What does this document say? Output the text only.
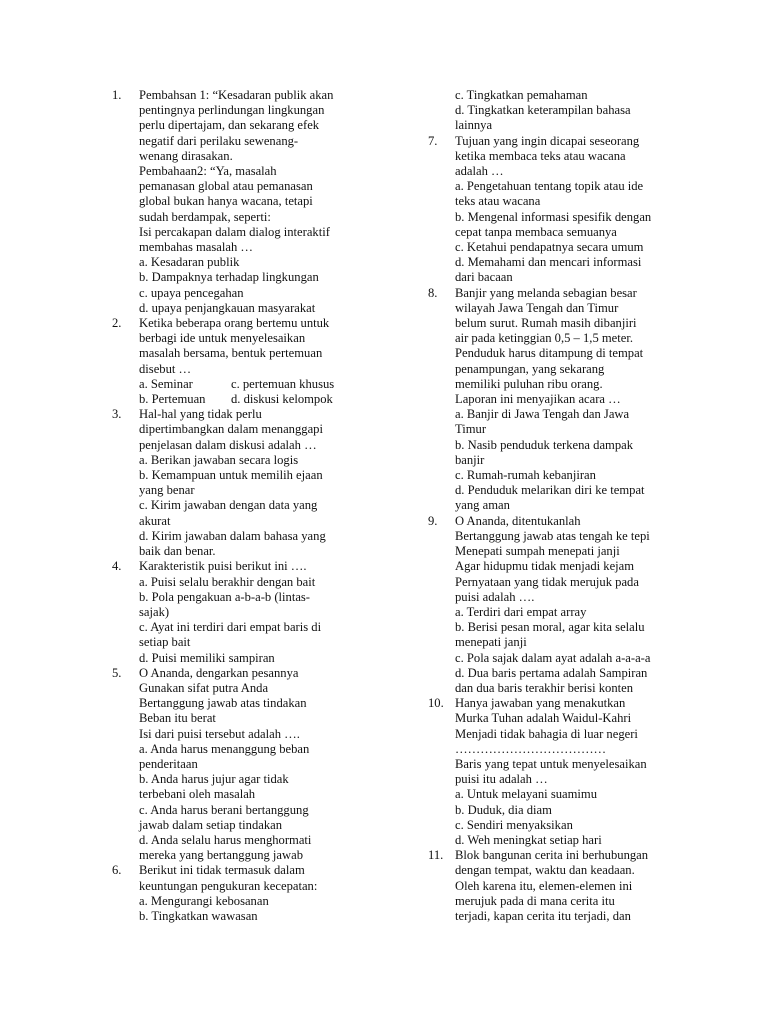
1. Pembahsan 1: “Kesadaran publik akan
pentingnya perlindungan lingkungan
perlu dipertajam, dan sekarang efek
negatif dari perilaku sewenang-
wenang dirasakan.
Pembahaan2: “Ya, masalah
pemanasan global atau pemanasan
global bukan hanya wacana, tetapi
sudah berdampak, seperti:
Isi percakapan dalam dialog interaktif
membahas masalah …
a. Kesadaran publik
b. Dampaknya terhadap lingkungan
c. upaya pencegahan
d. upaya penjangkauan masyarakat
2. Ketika beberapa orang bertemu untuk
berbagi ide untuk menyelesaikan
masalah bersama, bentuk pertemuan
disebut …
a. Seminar	c. pertemuan khusus
b. Pertemuan	d. diskusi kelompok
3. Hal-hal yang tidak perlu
dipertimbangkan dalam menanggapi
penjelasan dalam diskusi adalah …
a. Berikan jawaban secara logis
b. Kemampuan untuk memilih ejaan
yang benar
c. Kirim jawaban dengan data yang
akurat
d. Kirim jawaban dalam bahasa yang
baik dan benar.
4. Karakteristik puisi berikut ini ….
a. Puisi selalu berakhir dengan bait
b. Pola pengakuan a-b-a-b (lintas-
sajak)
c. Ayat ini terdiri dari empat baris di
setiap bait
d. Puisi memiliki sampiran
5. O Ananda, dengarkan pesannya
Gunakan sifat putra Anda
Bertanggung jawab atas tindakan
Beban itu berat
Isi dari puisi tersebut adalah ….
a. Anda harus menanggung beban
penderitaan
b. Anda harus jujur agar tidak
terbebani oleh masalah
c. Anda harus berani bertanggung
jawab dalam setiap tindakan
d. Anda selalu harus menghormati
mereka yang bertanggung jawab
6. Berikut ini tidak termasuk dalam
keuntungan pengukuran kecepatan:
a. Mengurangi kebosanan
b. Tingkatkan wawasan
c. Tingkatkan pemahaman
d. Tingkatkan keterampilan bahasa
lainnya
7. Tujuan yang ingin dicapai seseorang
ketika membaca teks atau wacana
adalah …
a. Pengetahuan tentang topik atau ide
teks atau wacana
b. Mengenal informasi spesifik dengan
cepat tanpa membaca semuanya
c. Ketahui pendapatnya secara umum
d. Memahami dan mencari informasi
dari bacaan
8. Banjir yang melanda sebagian besar
wilayah Jawa Tengah dan Timur
belum surut. Rumah masih dibanjiri
air pada ketinggian 0,5 – 1,5 meter.
Penduduk harus ditampung di tempat
penampungan, yang sekarang
memiliki puluhan ribu orang.
Laporan ini menyajikan acara …
a. Banjir di Jawa Tengah dan Jawa
Timur
b. Nasib penduduk terkena dampak
banjir
c. Rumah-rumah kebanjiran
d. Penduduk melarikan diri ke tempat
yang aman
9. O Ananda, ditentukanlah
Bertanggung jawab atas tengah ke tepi
Menepati sumpah menepati janji
Agar hidupmu tidak menjadi kejam
Pernyataan yang tidak merujuk pada
puisi adalah ….
a. Terdiri dari empat array
b. Berisi pesan moral, agar kita selalu
menepati janji
c. Pola sajak dalam ayat adalah a-a-a-a
d. Dua baris pertama adalah Sampiran
dan dua baris terakhir berisi konten
10. Hanya jawaban yang menakutkan
Murka Tuhan adalah Waidul-Kahri
Menjadi tidak bahagia di luar negeri
………………………………
Baris yang tepat untuk menyelesaikan
puisi itu adalah …
a. Untuk melayani suamimu
b. Duduk, dia diam
c. Sendiri menyaksikan
d. Weh meningkat setiap hari
11. Blok bangunan cerita ini berhubungan
dengan tempat, waktu dan keadaan.
Oleh karena itu, elemen-elemen ini
merujuk pada di mana cerita itu
terjadi, kapan cerita itu terjadi, dan
